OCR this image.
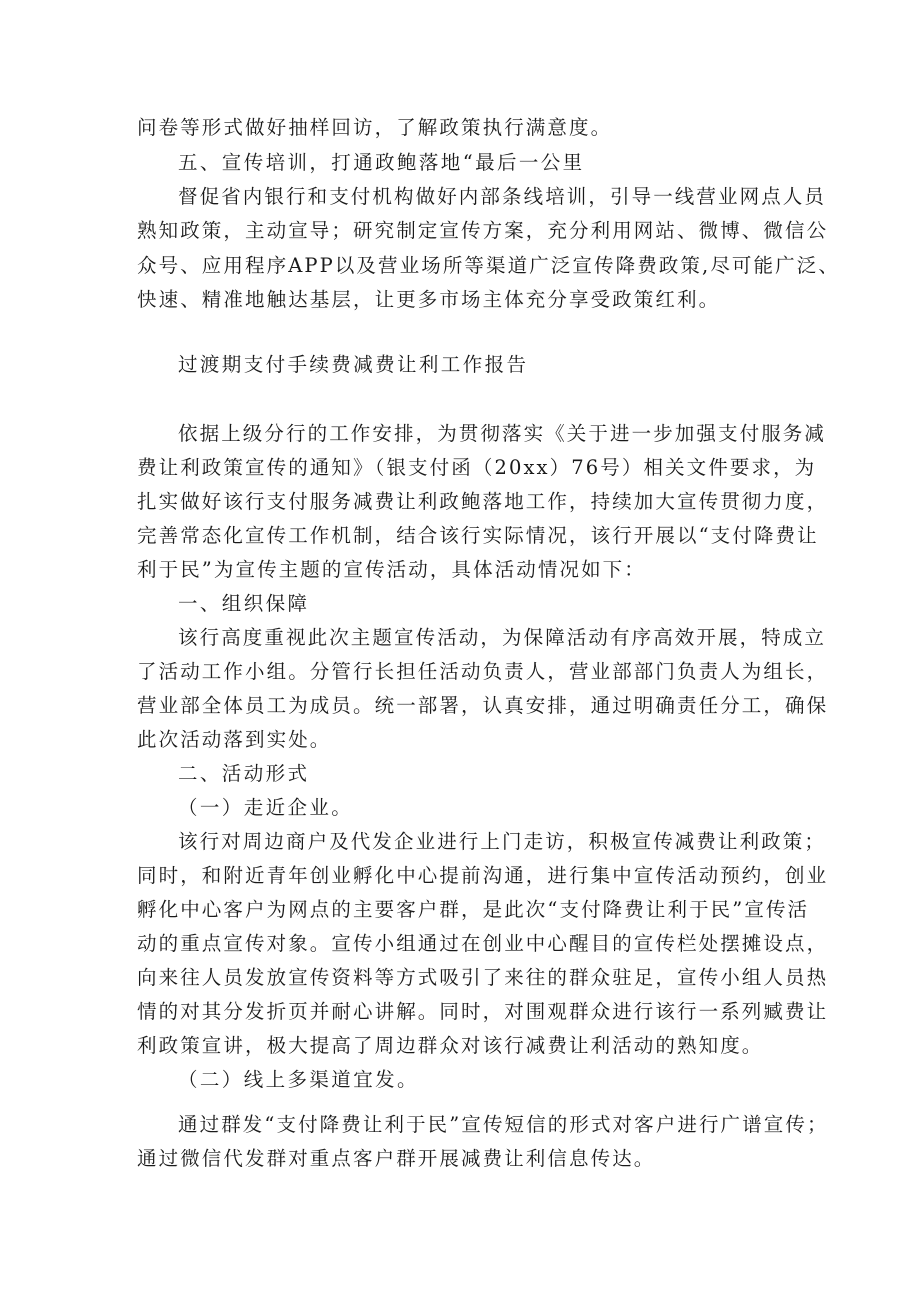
问卷等形式做好抽样回访，了解政策执行满意度。
五、宣传培训，打通政鲍落地“最后一公里
督促省内银行和支付机构做好内部条线培训，引导一线营业网点人员
熟知政策，主动宣导；研究制定宣传方案，充分利用网站、微博、微信公
众号、应用程序APP以及营业场所等渠道广泛宣传降费政策,尽可能广泛、
快速、精准地触达基层，让更多市场主体充分享受政策红利。
过渡期支付手续费减费让利工作报告
依据上级分行的工作安排，为贯彻落实《关于进一步加强支付服务减
费让利政策宣传的通知》（银支付函（20xx）76号）相关文件要求，为
扎实做好该行支付服务减费让利政鲍落地工作，持续加大宣传贯彻力度，
完善常态化宣传工作机制，结合该行实际情况，该行开展以“支付降费让
利于民”为宣传主题的宣传活动，具体活动情况如下：
一、组织保障
该行高度重视此次主题宣传活动，为保障活动有序高效开展，特成立
了活动工作小组。分管行长担任活动负责人，营业部部门负责人为组长，
营业部全体员工为成员。统一部署，认真安排，通过明确责任分工，确保
此次活动落到实处。
二、活动形式
（一）走近企业。
该行对周边商户及代发企业进行上门走访，积极宣传减费让利政策；
同时，和附近青年创业孵化中心提前沟通，进行集中宣传活动预约，创业
孵化中心客户为网点的主要客户群，是此次“支付降费让利于民”宣传活
动的重点宣传对象。宣传小组通过在创业中心醒目的宣传栏处摆摊设点，
向来往人员发放宣传资料等方式吸引了来往的群众驻足，宣传小组人员热
情的对其分发折页并耐心讲解。同时，对围观群众进行该行一系列臧费让
利政策宣讲，极大提高了周边群众对该行减费让利活动的熟知度。
（二）线上多渠道宜发。
通过群发“支付降费让利于民”宣传短信的形式对客户进行广谱宣传；
通过微信代发群对重点客户群开展减费让利信息传达。
